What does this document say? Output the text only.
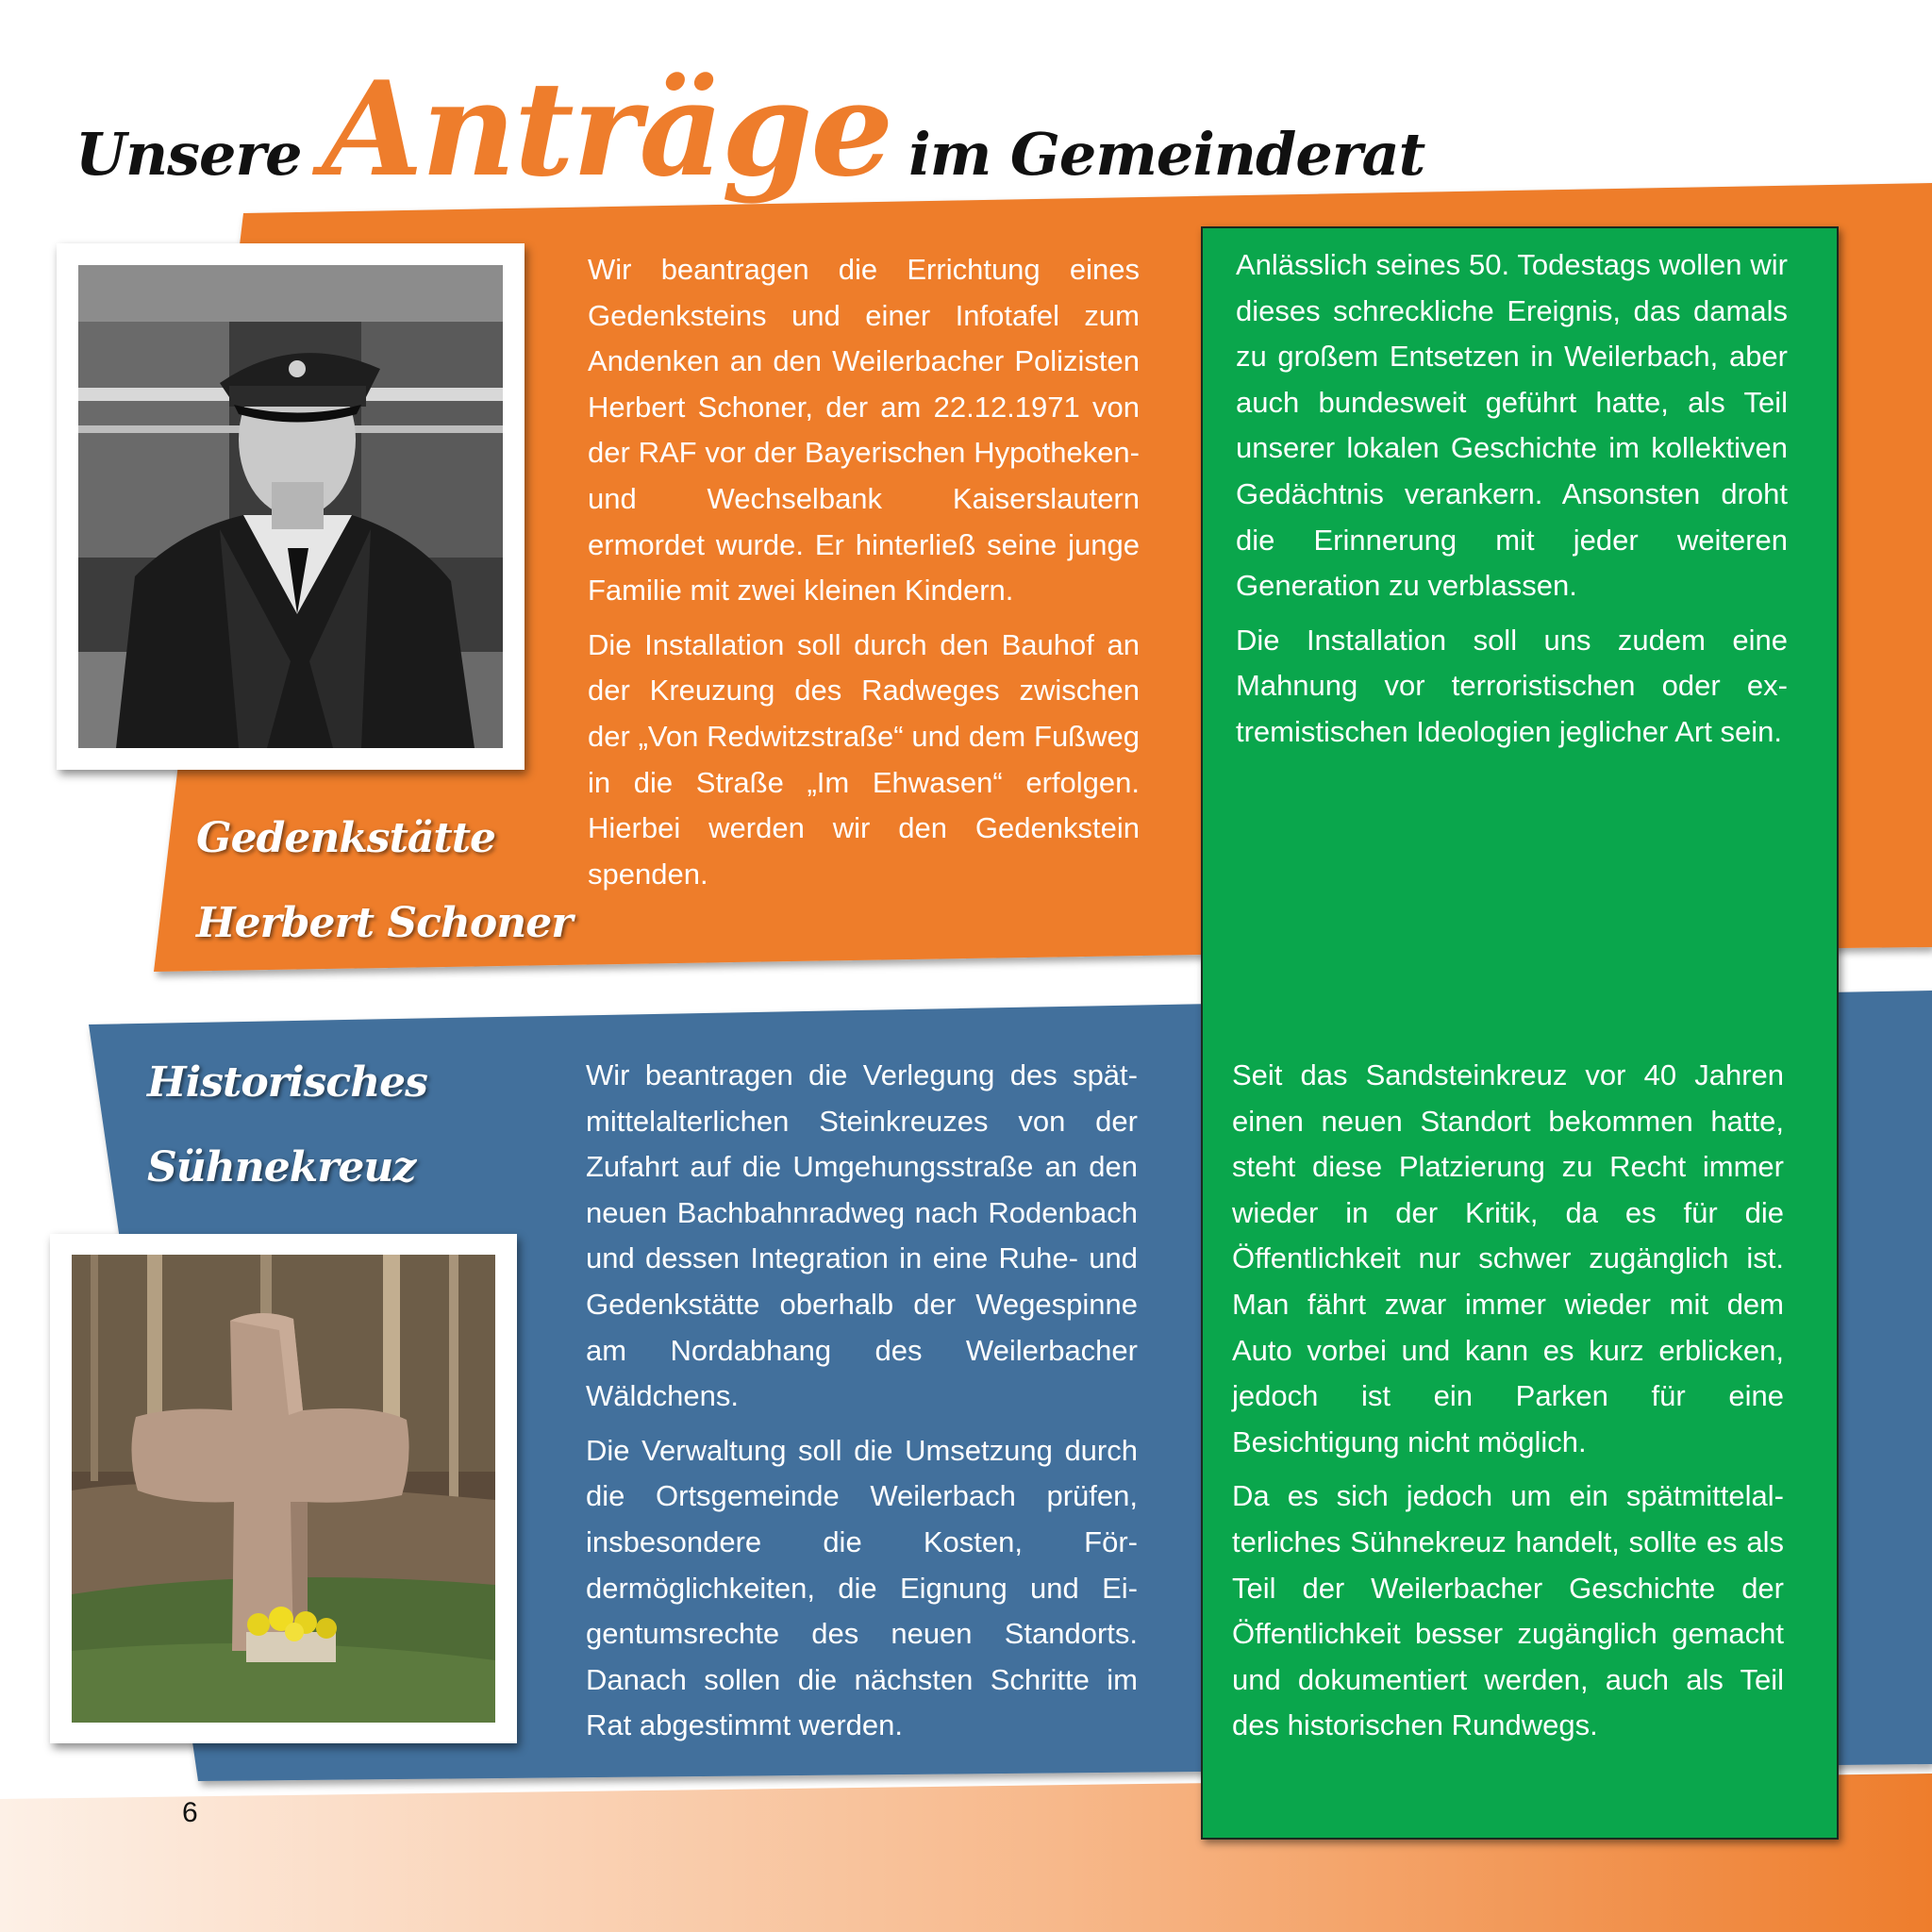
Unsere Anträge im Gemeinderat
Gedenkstätte
Herbert Schoner

Wir beantragen die Errichtung eines Gedenksteins und einer Infotafel zum Andenken an den Weilerbacher Polizisten Herbert Schoner, der am 22.12.1971 von der RAF vor der Bayerischen Hypotheken- und Wechselbank Kaiserslautern ermordet wurde. Er hinterließ seine junge Familie mit zwei kleinen Kindern.

Die Installation soll durch den Bauhof an der Kreuzung des Radweges zwischen der „Von Redwitzstraße“ und dem Fußweg in die Straße „Im Ehwasen“ erfolgen. Hierbei werden wir den Gedenkstein spenden.

Anlässlich seines 50. Todestags wollen wir dieses schreckliche Ereignis, das damals zu großem Entsetzen in Weilerbach, aber auch bundesweit geführt hatte, als Teil unserer lokalen Geschichte im kollektiven Gedächtnis verankern. Ansonsten droht die Erinnerung mit jeder weiteren Generation zu verblassen.

Die Installation soll uns zudem eine Mahnung vor terroristischen oder extremistischen Ideologien jeglicher Art sein.

Historisches
Sühnekreuz

Wir beantragen die Verlegung des spätmittelalterlichen Steinkreuzes von der Zufahrt auf die Umgehungsstraße an den neuen Bachbahnradweg nach Rodenbach und dessen Integration in eine Ruhe- und Gedenkstätte oberhalb der Wegespinne am Nordabhang des Weilerbacher Wäldchens.

Die Verwaltung soll die Umsetzung durch die Ortsgemeinde Weilerbach prüfen, insbesondere die Kosten, Fördermöglichkeiten, die Eignung und Eigentumsrechte des neuen Standorts. Danach sollen die nächsten Schritte im Rat abgestimmt werden.

Seit das Sandsteinkreuz vor 40 Jahren einen neuen Standort bekommen hatte, steht diese Platzierung zu Recht immer wieder in der Kritik, da es für die Öffentlichkeit nur schwer zugänglich ist. Man fährt zwar immer wieder mit dem Auto vorbei und kann es kurz erblicken, jedoch ist ein Parken für eine Besichtigung nicht möglich.

Da es sich jedoch um ein spätmittelalterliches Sühnekreuz handelt, sollte es als Teil der Weilerbacher Geschichte der Öffentlichkeit besser zugänglich gemacht und dokumentiert werden, auch als Teil des historischen Rundwegs.

6
